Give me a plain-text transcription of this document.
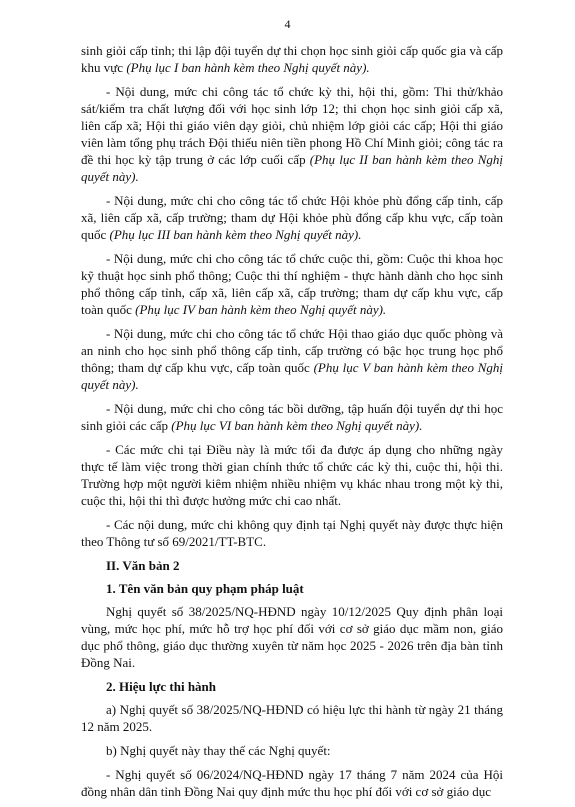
4

sinh giỏi cấp tỉnh; thi lập đội tuyển dự thi chọn học sinh giỏi cấp quốc gia và cấp khu vực (Phụ lục I ban hành kèm theo Nghị quyết này).

- Nội dung, mức chi công tác tổ chức kỳ thi, hội thi, gồm: Thi thử/khảo sát/kiểm tra chất lượng đối với học sinh lớp 12; thi chọn học sinh giỏi cấp xã, liên cấp xã; Hội thi giáo viên dạy giỏi, chủ nhiệm lớp giỏi các cấp; Hội thi giáo viên làm tổng phụ trách Đội thiếu niên tiền phong Hồ Chí Minh giỏi; công tác ra đề thi học kỳ tập trung ở các lớp cuối cấp (Phụ lục II ban hành kèm theo Nghị quyết này).

- Nội dung, mức chi cho công tác tổ chức Hội khỏe phù đổng cấp tỉnh, cấp xã, liên cấp xã, cấp trường; tham dự Hội khỏe phù đổng cấp khu vực, cấp toàn quốc (Phụ lục III ban hành kèm theo Nghị quyết này).

- Nội dung, mức chi cho công tác tổ chức cuộc thi, gồm: Cuộc thi khoa học kỹ thuật học sinh phổ thông; Cuộc thi thí nghiệm - thực hành dành cho học sinh phổ thông cấp tỉnh, cấp xã, liên cấp xã, cấp trường; tham dự cấp khu vực, cấp toàn quốc (Phụ lục IV ban hành kèm theo Nghị quyết này).

- Nội dung, mức chi cho công tác tổ chức Hội thao giáo dục quốc phòng và an ninh cho học sinh phổ thông cấp tỉnh, cấp trường có bậc học trung học phổ thông; tham dự cấp khu vực, cấp toàn quốc (Phụ lục V ban hành kèm theo Nghị quyết này).

- Nội dung, mức chi cho công tác bồi dưỡng, tập huấn đội tuyển dự thi học sinh giỏi các cấp (Phụ lục VI ban hành kèm theo Nghị quyết này).

- Các mức chi tại Điều này là mức tối đa được áp dụng cho những ngày thực tế làm việc trong thời gian chính thức tổ chức các kỳ thi, cuộc thi, hội thi. Trường hợp một người kiêm nhiệm nhiều nhiệm vụ khác nhau trong một kỳ thi, cuộc thi, hội thi thì được hưởng mức chi cao nhất.

- Các nội dung, mức chi không quy định tại Nghị quyết này được thực hiện theo Thông tư số 69/2021/TT-BTC.

II. Văn bản 2

1. Tên văn bản quy phạm pháp luật

Nghị quyết số 38/2025/NQ-HĐND ngày 10/12/2025 Quy định phân loại vùng, mức học phí, mức hỗ trợ học phí đối với cơ sở giáo dục mầm non, giáo dục phổ thông, giáo dục thường xuyên từ năm học 2025 - 2026 trên địa bàn tỉnh Đồng Nai.

2. Hiệu lực thi hành

a) Nghị quyết số 38/2025/NQ-HĐND có hiệu lực thi hành từ ngày 21 tháng 12 năm 2025.

b) Nghị quyết này thay thế các Nghị quyết:

- Nghị quyết số 06/2024/NQ-HĐND ngày 17 tháng 7 năm 2024 của Hội đồng nhân dân tỉnh Đồng Nai quy định mức thu học phí đối với cơ sở giáo dục
